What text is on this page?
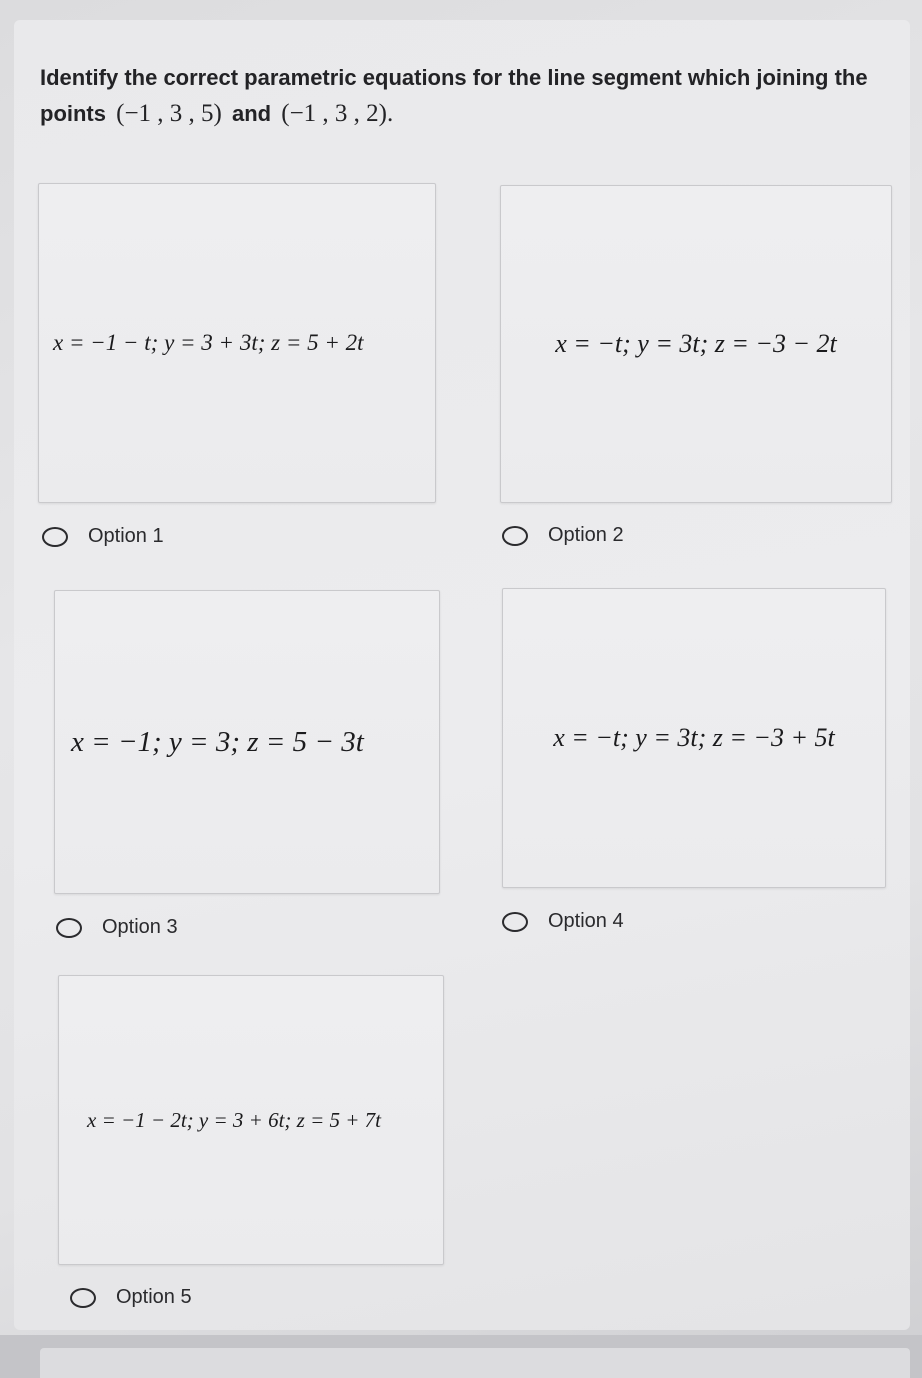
Identify the correct parametric equations for the line segment which joining the points (−1 , 3 , 5) and (−1 , 3 , 2).
x = −1 − t; y = 3 + 3t; z = 5 + 2t
Option 1
x = −t; y = 3t; z = −3 − 2t
Option 2
x = −1; y = 3; z = 5 − 3t
Option 3
x = −t; y = 3t; z = −3 + 5t
Option 4
x = −1 − 2t; y = 3 + 6t; z = 5 + 7t
Option 5
